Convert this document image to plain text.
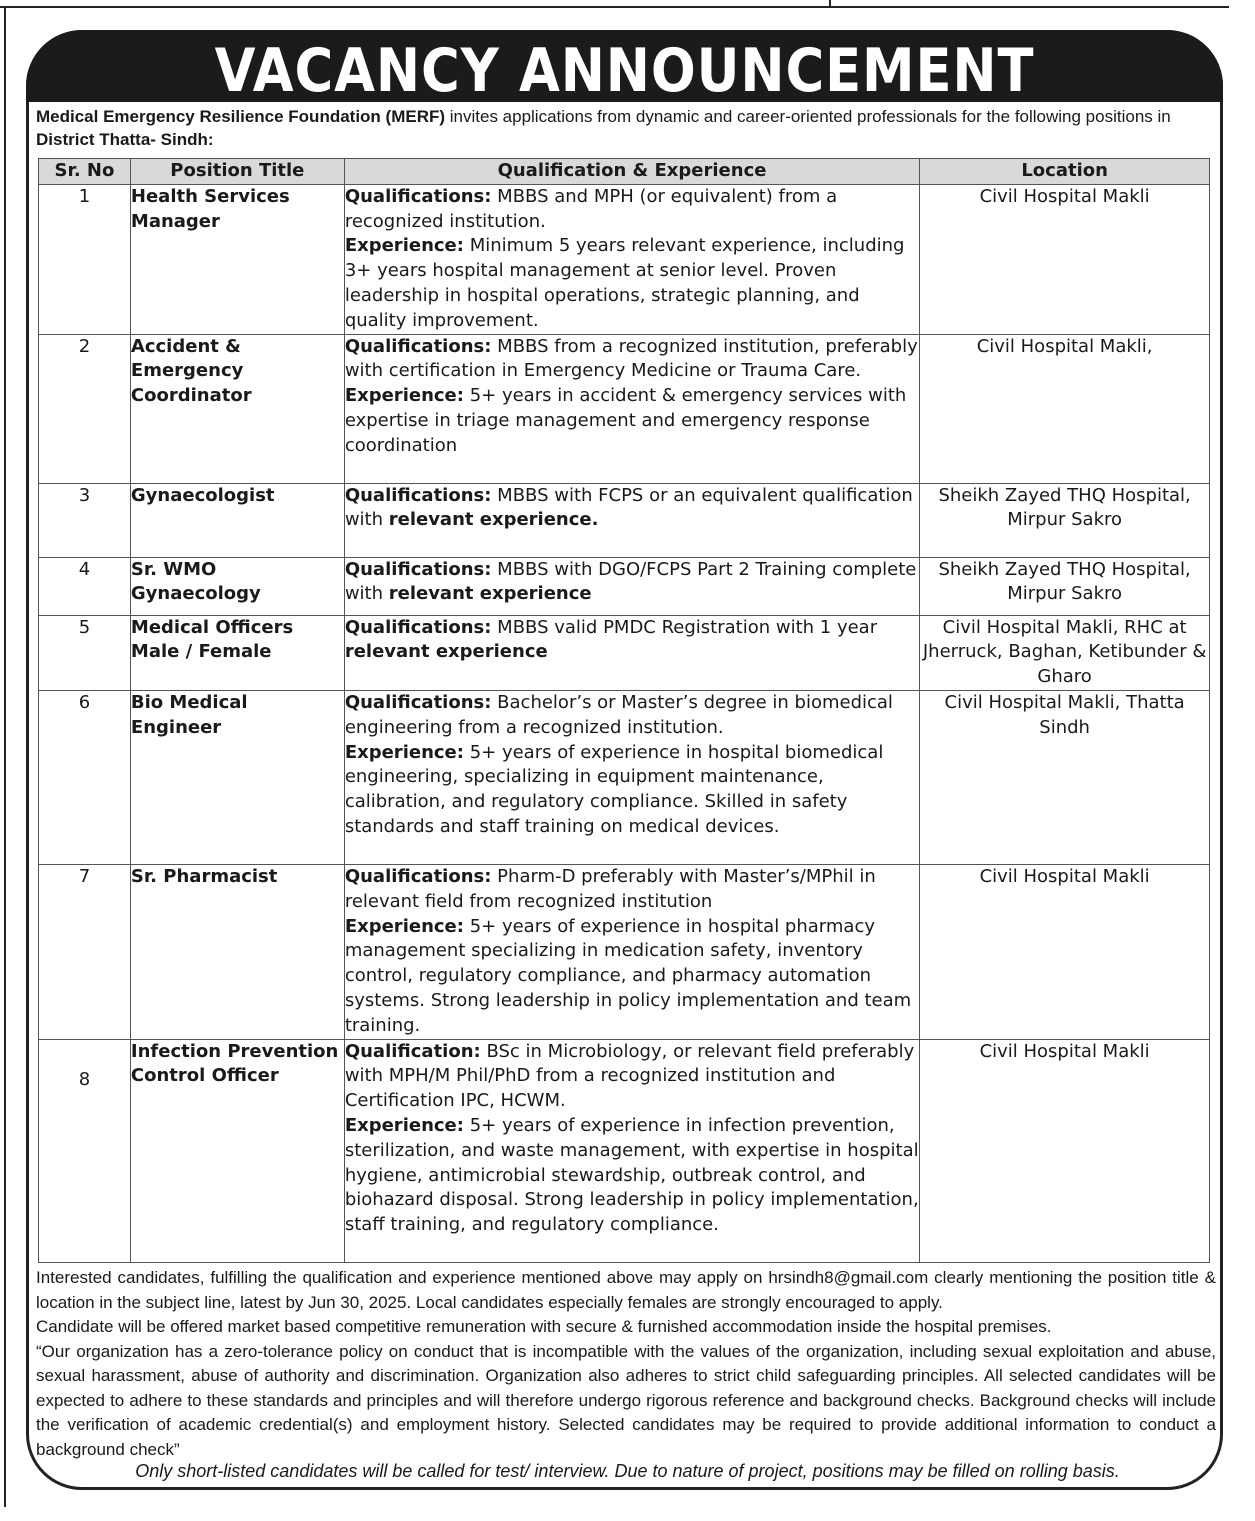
VACANCY ANNOUNCEMENT
Medical Emergency Resilience Foundation (MERF) invites applications from dynamic and career-oriented professionals for the following positions in District Thatta- Sindh:
Sr. No	Position Title	Qualification & Experience	Location
1	Health Services Manager	Qualifications: MBBS and MPH (or equivalent) from a recognized institution.
Experience: Minimum 5 years relevant experience, including 3+ years hospital management at senior level. Proven leadership in hospital operations, strategic planning, and quality improvement.	Civil Hospital Makli
2	Accident & Emergency Coordinator	Qualifications: MBBS from a recognized institution, preferably with certification in Emergency Medicine or Trauma Care.
Experience: 5+ years in accident & emergency services with expertise in triage management and emergency response coordination	Civil Hospital Makli,
3	Gynaecologist	Qualifications: MBBS with FCPS or an equivalent qualification with relevant experience.	Sheikh Zayed THQ Hospital, Mirpur Sakro
4	Sr. WMO Gynaecology	Qualifications: MBBS with DGO/FCPS Part 2 Training complete with relevant experience	Sheikh Zayed THQ Hospital, Mirpur Sakro
5	Medical Officers Male / Female	Qualifications: MBBS valid PMDC Registration with 1 year relevant experience	Civil Hospital Makli, RHC at Jherruck, Baghan, Ketibunder & Gharo
6	Bio Medical Engineer	Qualifications: Bachelor’s or Master’s degree in biomedical engineering from a recognized institution.
Experience: 5+ years of experience in hospital biomedical engineering, specializing in equipment maintenance, calibration, and regulatory compliance. Skilled in safety standards and staff training on medical devices.	Civil Hospital Makli, Thatta Sindh
7	Sr. Pharmacist	Qualifications: Pharm-D preferably with Master’s/MPhil in relevant field from recognized institution
Experience: 5+ years of experience in hospital pharmacy management specializing in medication safety, inventory control, regulatory compliance, and pharmacy automation systems. Strong leadership in policy implementation and team training.	Civil Hospital Makli
8	Infection Prevention Control Officer	Qualification: BSc in Microbiology, or relevant field preferably with MPH/M Phil/PhD from a recognized institution and Certification IPC, HCWM.
Experience: 5+ years of experience in infection prevention, sterilization, and waste management, with expertise in hospital hygiene, antimicrobial stewardship, outbreak control, and biohazard disposal. Strong leadership in policy implementation, staff training, and regulatory compliance.	Civil Hospital Makli

Interested candidates, fulfilling the qualification and experience mentioned above may apply on hrsindh8@gmail.com clearly mentioning the position title & location in the subject line, latest by Jun 30, 2025. Local candidates especially females are strongly encouraged to apply.

Candidate will be offered market based competitive remuneration with secure & furnished accommodation inside the hospital premises.

“Our organization has a zero-tolerance policy on conduct that is incompatible with the values of the organization, including sexual exploitation and abuse, sexual harassment, abuse of authority and discrimination. Organization also adheres to strict child safeguarding principles. All selected candidates will be expected to adhere to these standards and principles and will therefore undergo rigorous reference and background checks. Background checks will include the verification of academic credential(s) and employment history. Selected candidates may be required to provide additional information to conduct a background check”

Only short-listed candidates will be called for test/ interview. Due to nature of project, positions may be filled on rolling basis.
